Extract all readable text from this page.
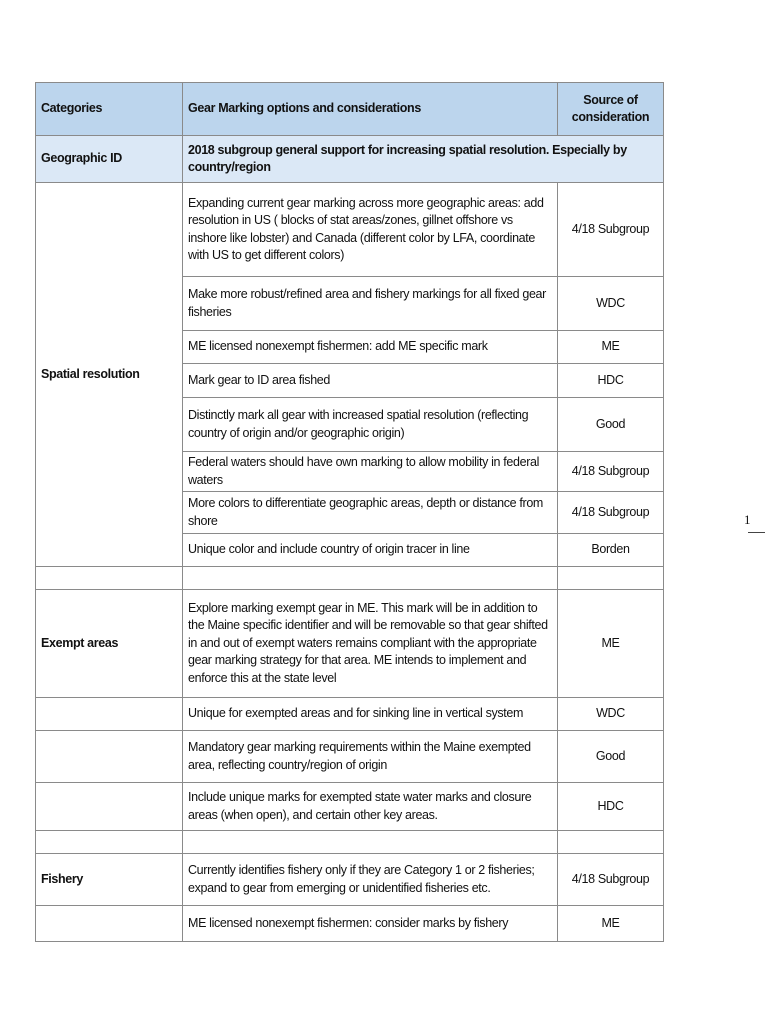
Categories	Gear Marking options and considerations	Source of consideration
Geographic ID	2018 subgroup general support for increasing spatial resolution. Especially by country/region	
Spatial resolution	Expanding current gear marking across more geographic areas: add resolution in US ( blocks of stat areas/zones, gillnet offshore vs inshore like lobster) and Canada (different color by LFA, coordinate with US to get different colors)	4/18 Subgroup
	Make more robust/refined area and fishery markings for all fixed gear fisheries	WDC
	ME licensed nonexempt fishermen: add ME specific mark	ME
	Mark gear to ID area fished	HDC
	Distinctly mark all gear with increased spatial resolution (reflecting country of origin and/or geographic origin)	Good
	Federal waters should have own marking to allow mobility in federal waters	4/18 Subgroup
	More colors to differentiate geographic areas, depth or distance from shore	4/18 Subgroup
	Unique color and include country of origin tracer in line	Borden

Exempt areas	Explore marking exempt gear in ME. This mark will be in addition to the Maine specific identifier and will be removable so that gear shifted in and out of exempt waters remains compliant with the appropriate gear marking strategy for that area. ME intends to implement and enforce this at the state level	ME
	Unique for exempted areas and for sinking line in vertical system	WDC
	Mandatory gear marking requirements within the Maine exempted area, reflecting country/region of origin	Good
	Include unique marks for exempted state water marks and closure areas (when open), and certain other key areas.	HDC

Fishery	Currently identifies fishery only if they are Category 1 or 2 fisheries; expand to gear from emerging or unidentified fisheries etc.	4/18 Subgroup
	ME licensed nonexempt fishermen: consider marks by fishery	ME
1
